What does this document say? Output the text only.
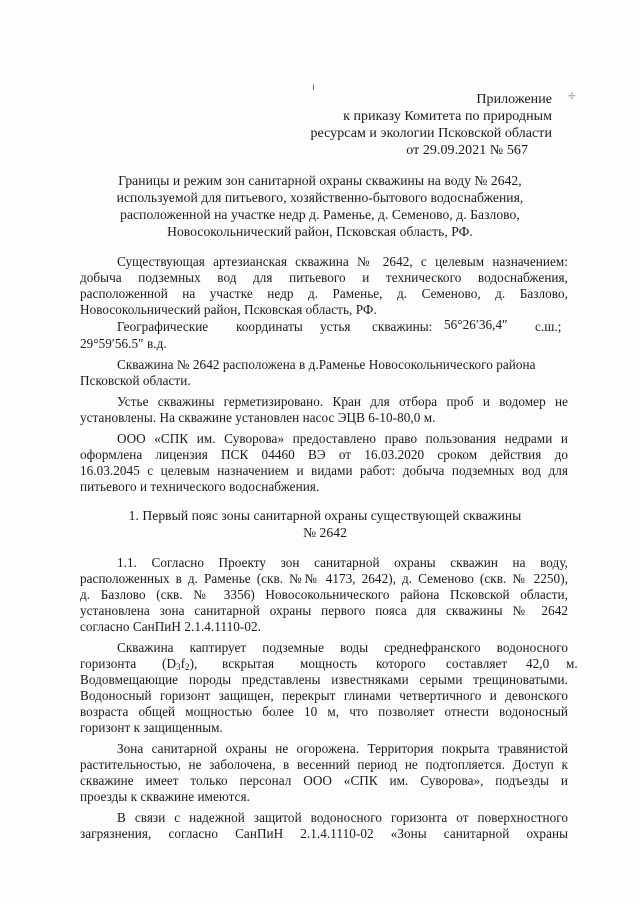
Приложение
к приказу Комитета по природным
ресурсам и экологии Псковской области
от 29.09.2021 № 567
Границы и режим зон санитарной охраны скважины на воду № 2642,
используемой для питьевого, хозяйственно-бытового водоснабжения,
расположенной на участке недр д. Раменье, д. Семеново, д. Базлово,
Новосокольнический район, Псковская область, РФ.
Существующая артезианская скважина № 2642, с целевым назначением:
добыча подземных вод для питьевого и технического водоснабжения,
расположенной на участке недр д. Раменье, д. Семеново, д. Базлово,
Новосокольнический район, Псковская область, РФ.
Географические координаты устья скважины: 56°26′36,4″ с.ш.;
29°59′56.5″ в.д.
Скважина № 2642 расположена в д.Раменье Новосокольнического района
Псковской области.
Устье скважины герметизировано. Кран для отбора проб и водомер не
установлены. На скважине установлен насос ЭЦВ 6-10-80,0 м.
ООО «СПК им. Суворова» предоставлено право пользования недрами и
оформлена лицензия ПСК 04460 ВЭ от 16.03.2020 сроком действия до
16.03.2045 с целевым назначением и видами работ: добыча подземных вод для
питьевого и технического водоснабжения.
1. Первый пояс зоны санитарной охраны существующей скважины
№ 2642
1.1. Согласно Проекту зон санитарной охраны скважин на воду,
расположенных в д. Раменье (скв. №№ 4173, 2642), д. Семеново (скв. № 2250),
д. Базлово (скв. № 3356) Новосокольнического района Псковской области,
установлена зона санитарной охраны первого пояса для скважины № 2642
согласно СанПиН 2.1.4.1110-02.
Скважина каптирует подземные воды среднефранского водоносного
горизонта $(D_3f_2)$, вскрытая мощность которого составляет 42,0 м.
Водовмещающие породы представлены известняками серыми трещиноватыми.
Водоносный горизонт защищен, перекрыт глинами четвертичного и девонского
возраста общей мощностью более 10 м, что позволяет отнести водоносный
горизонт к защищенным.
Зона санитарной охраны не огорожена. Территория покрыта травянистой
растительностью, не заболочена, в весенний период не подтопляется. Доступ к
скважине имеет только персонал ООО «СПК им. Суворова», подъезды и
проезды к скважине имеются.
В связи с надежной защитой водоносного горизонта от поверхностного
загрязнения, согласно СанПиН 2.1.4.1110-02 «Зоны санитарной охраны
ı
✢
